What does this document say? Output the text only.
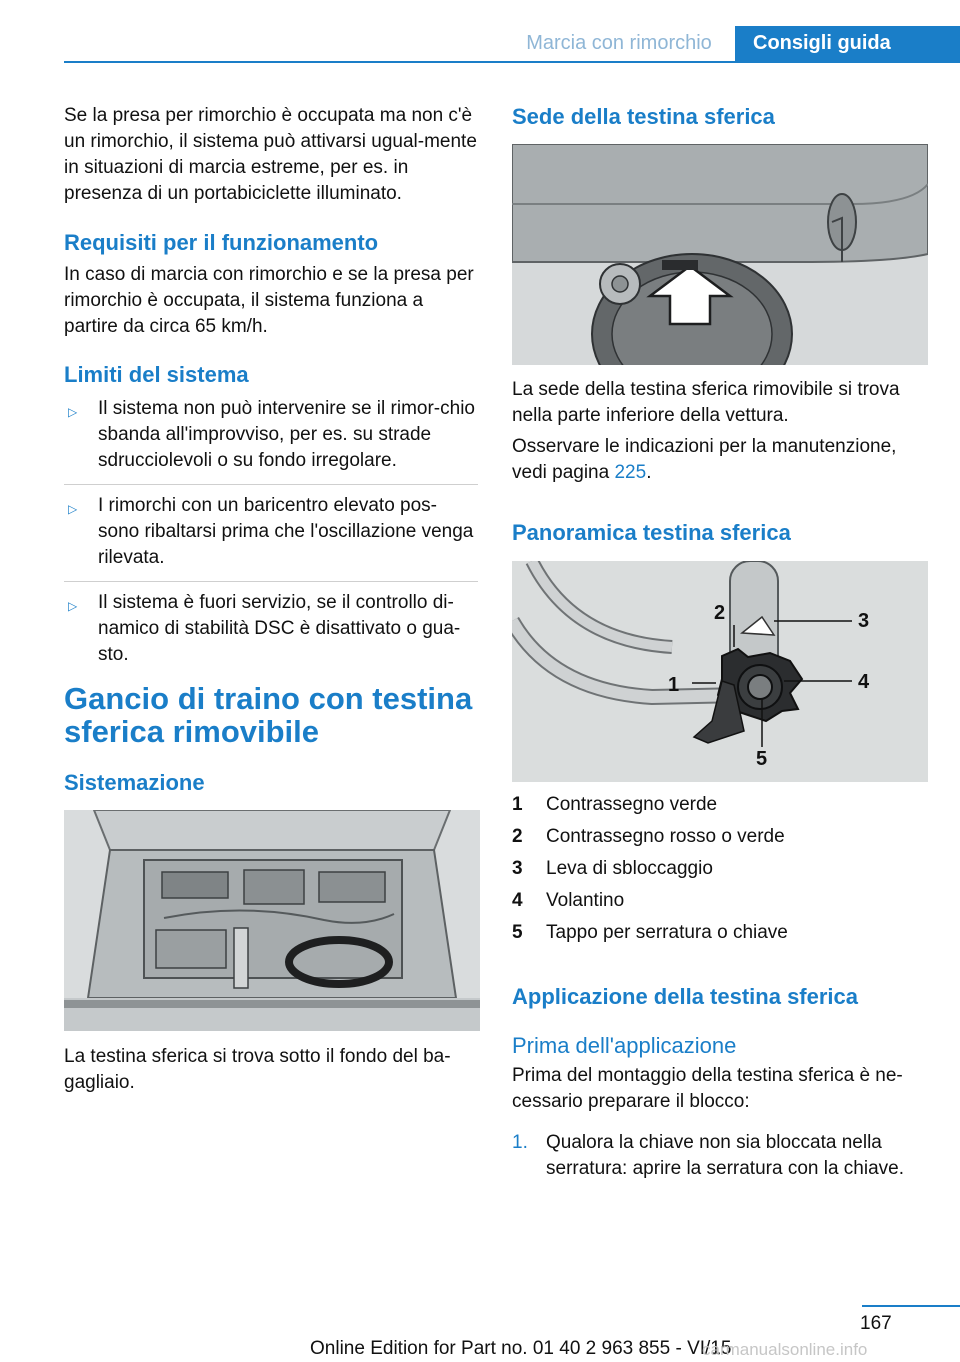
Marcia con rimorchio	Consigli guida
Se la presa per rimorchio è occupata ma non c'è un rimorchio, il sistema può attivarsi ugual-mente in situazioni di marcia estreme, per es. in presenza di un portabiciclette illuminato.
Requisiti per il funzionamento
In caso di marcia con rimorchio e se la presa per rimorchio è occupata, il sistema funziona a partire da circa 65 km/h.
Limiti del sistema
▷ Il sistema non può intervenire se il rimor-chio sbanda all'improvviso, per es. su strade sdrucciolevoli o su fondo irregolare.
▷ I rimorchi con un baricentro elevato pos-sono ribaltarsi prima che l'oscillazione venga rilevata.
▷ Il sistema è fuori servizio, se il controllo di-namico di stabilità DSC è disattivato o gua-sto.
Gancio di traino con testina sferica rimovibile
Sistemazione
La testina sferica si trova sotto il fondo del ba-gagliaio.
Sede della testina sferica
La sede della testina sferica rimovibile si trova nella parte inferiore della vettura.
Osservare le indicazioni per la manutenzione, vedi pagina 225.
Panoramica testina sferica
1
2	3
4
5
1	Contrassegno verde
2	Contrassegno rosso o verde
3	Leva di sbloccaggio
4	Volantino
5	Tappo per serratura o chiave
Applicazione della testina sferica
Prima dell'applicazione
Prima del montaggio della testina sferica è ne-cessario preparare il blocco:
1. Qualora la chiave non sia bloccata nella serratura: aprire la serratura con la chiave.
167
Online Edition for Part no. 01 40 2 963 855 - VI/15
carmanualsonline.info
